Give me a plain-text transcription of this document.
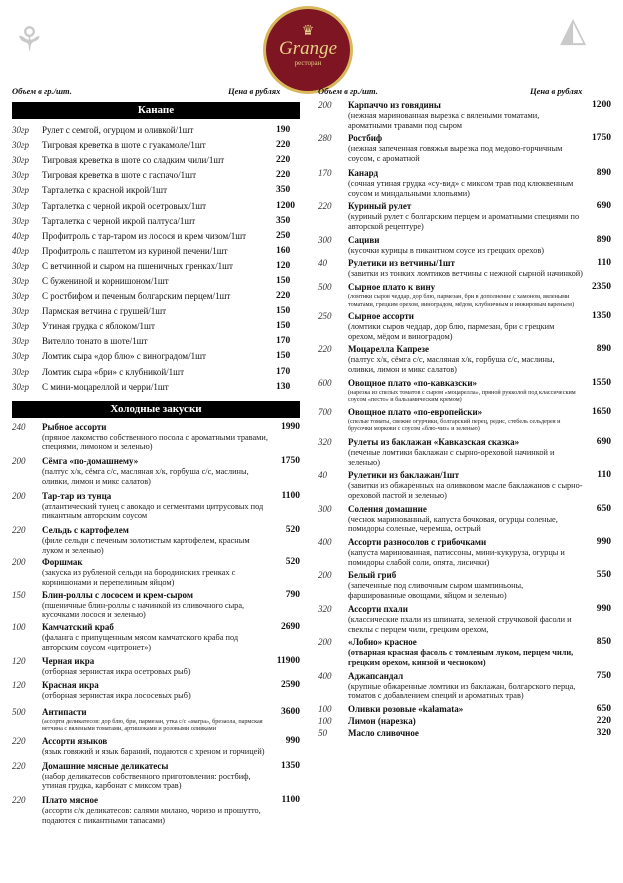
⚘	◭
♛
Grange
ресторан
Объем в гр./шт.	Цена в рублях	Объем в гр./шт.	Цена в рублях
Канапе
30гр	Рулет с семгой, огурцом и оливкой/1шт	190
30гр	Тигровая креветка в шоте с гуакамоле/1шт	220
30гр	Тигровая креветка в шоте со сладким чили/1шт	220
30гр	Тигровая креветка в шоте с гаспачо/1шт	220
30гр	Тарталетка с красной икрой/1шт	350
30гр	Тарталетка с черной икрой осетровых/1шт	1200
30гр	Тарталетка с черной икрой палтуса/1шт	350
40гр	Профитроль с тар-таром из лосося и крем чизом/1шт	250
40гр	Профитроль с паштетом из куриной печени/1шт	160
30гр	С ветчинной и сыром на пшеничных гренках/1шт	120
30гр	С бужениной и корнишоном/1шт	150
30гр	С ростбифом и печеным болгарским перцем/1шт	220
30гр	Пармская ветчина с грушей/1шт	150
30гр	Утиная грудка с яблоком/1шт	150
30гр	Вителло тонато в шоте/1шт	170
30гр	Ломтик сыра «дор блю» с виноградом/1шт	150
30гр	Ломтик сыра «бри» с клубникой/1шт	170
30гр	С мини-моцареллой и черри/1шт	130
Холодные закуски
240	Рыбное ассорти	1990
(пряное лакомство собственного посола с ароматными травами, специями, лимоном и зеленью)
200	Сёмга «по-домашнему»	1750
(палтус х/к, сёмга с/с, масляная х/к, горбуша с/с, маслины, оливки, лимон и микс салатов)
200	Тар-тар из тунца	1100
(атлантический тунец с авокадо и сегментами цитрусовых под пикантным авторским соусом
220	Сельдь с картофелем	520
(филе сельди с печеным золотистым картофелем, красным луком и зеленью)
200	Форшмак	520
(закуска из рубленой сельди на бородинских гренках с корнишонами и перепелиным яйцом)
150	Блин-роллы с лососем и крем-сыром	790
(пшеничные блин-роллы с начинкой из сливочного сыра, кусочками лосося и зеленью)
100	Камчатский краб	2690
(фаланга с припущенным мясом камчатского краба под авторским соусом «цитронет»)
120	Черная икра	11900
(отборная зернистая икра осетровых рыб)
120	Красная икра	2590
(отборная зернистая икра лососевых рыб)
500	Антипасти	3600
(ассорти деликатесов: дор блю, бри, пармезан, утка с/с «магра», брезаола, пармская ветчина с вялеными томатами, артишоками и розовыми оливками
220	Ассорти языков	990
(язык говяжий и язык бараний, подаются с хреном и горчицей)
220	Домашние мясные деликатесы	1350
(набор деликатесов собственного приготовления: ростбиф, утиная грудка, карбонат с миксом трав)
220	Плато мясное	1100
(ассорти с/к деликатесов: салями милано, чоризо и прошутто, подаются с пикантными тапасами)
200	Карпаччо из говядины	1200
(нежная маринованная вырезка с вялеными томатами, ароматными травами под сыром
280	Ростбиф	1750
(нежная запеченная говяжья вырезка под медово-горчичным соусом, с ароматной
170	Канард	890
(сочная утиная грудка «су-вид» с миксом трав под клюквенным соусом и миндальными хлопьями)
220	Куриный рулет	690
(куриный рулет с болгарским перцем и ароматными специями по авторской рецептуре)
300	Сациви	890
(кусочки курицы в пикантном соусе из грецких орехов)
40	Рулетики из ветчины/1шт	110
(завитки из тонких ломтиков ветчины с нежной сырной начинкой)
500	Сырное плато к вину	2350
(ломтики сыров чеддар, дор блю, пармезан, бри в дополнение с хамоном, вялеными томатами, грецким орехом, виноградом, мёдом, клубничным и инжировым вареньем)
250	Сырное ассорти	1350
(ломтики сыров чеддар, дор блю, пармезан, бри с грецким орехом, мёдом и виноградом)
220	Моцарелла Капрезе	890
(палтус х/к, сёмга с/с, масляная х/к, горбуша с/с, маслины, оливки, лимон и микс салатов)
600	Овощное плато «по-кавказски»	1550
(нарезка из спелых томатов с сыром «моцарелла», пряной рукколой под классическим соусом «песто» и бальзамическим кремом)
700	Овощное плато «по-европейски»	1650
(спелые томаты, свежие огурчики, болгарский перец, редис, стебель сельдерея и брусочки моркови с соусом «блю-чиз» и зеленью)
320	Рулеты из баклажан «Кавказская сказка»	690
(печеные ломтики баклажан с сырно-ореховой начинкой и зеленью)
40	Рулетики из баклажан/1шт	110
(завитки из обжаренных на оливковом масле баклажанов с сырно-ореховой пастой и зеленью)
300	Соления домашние	650
(чеснок маринованный, капуста бочковая, огурцы соленые, помидоры соленые, черемша, острый
400	Ассорти разносолов с грибочками	990
(капуста маринованная, патиссоны, мини-кукуруза, огурцы и помидоры слабой соли, опята, лисички)
200	Белый гриб	550
(запеченные под сливочным сыром шампиньоны, фаршированные овощами, яйцом и зеленью)
320	Ассорти пхали	990
(классические пхали из шпината, зеленой стручковой фасоли и свеклы с перцем чили, грецким орехом,
200	«Лобио» красное	850
(отварная красная фасоль с томленым луком, перцем чили, грецким орехом, кинзой и чесноком)
400	Аджапсандал	750
(крупные обжаренные ломтики из баклажан, болгарского перца, томатов с добавлением специй и ароматных трав)
100	Оливки розовые «kalamata»	650
100	Лимон (нарезка)	220
50	Масло сливочное	320
